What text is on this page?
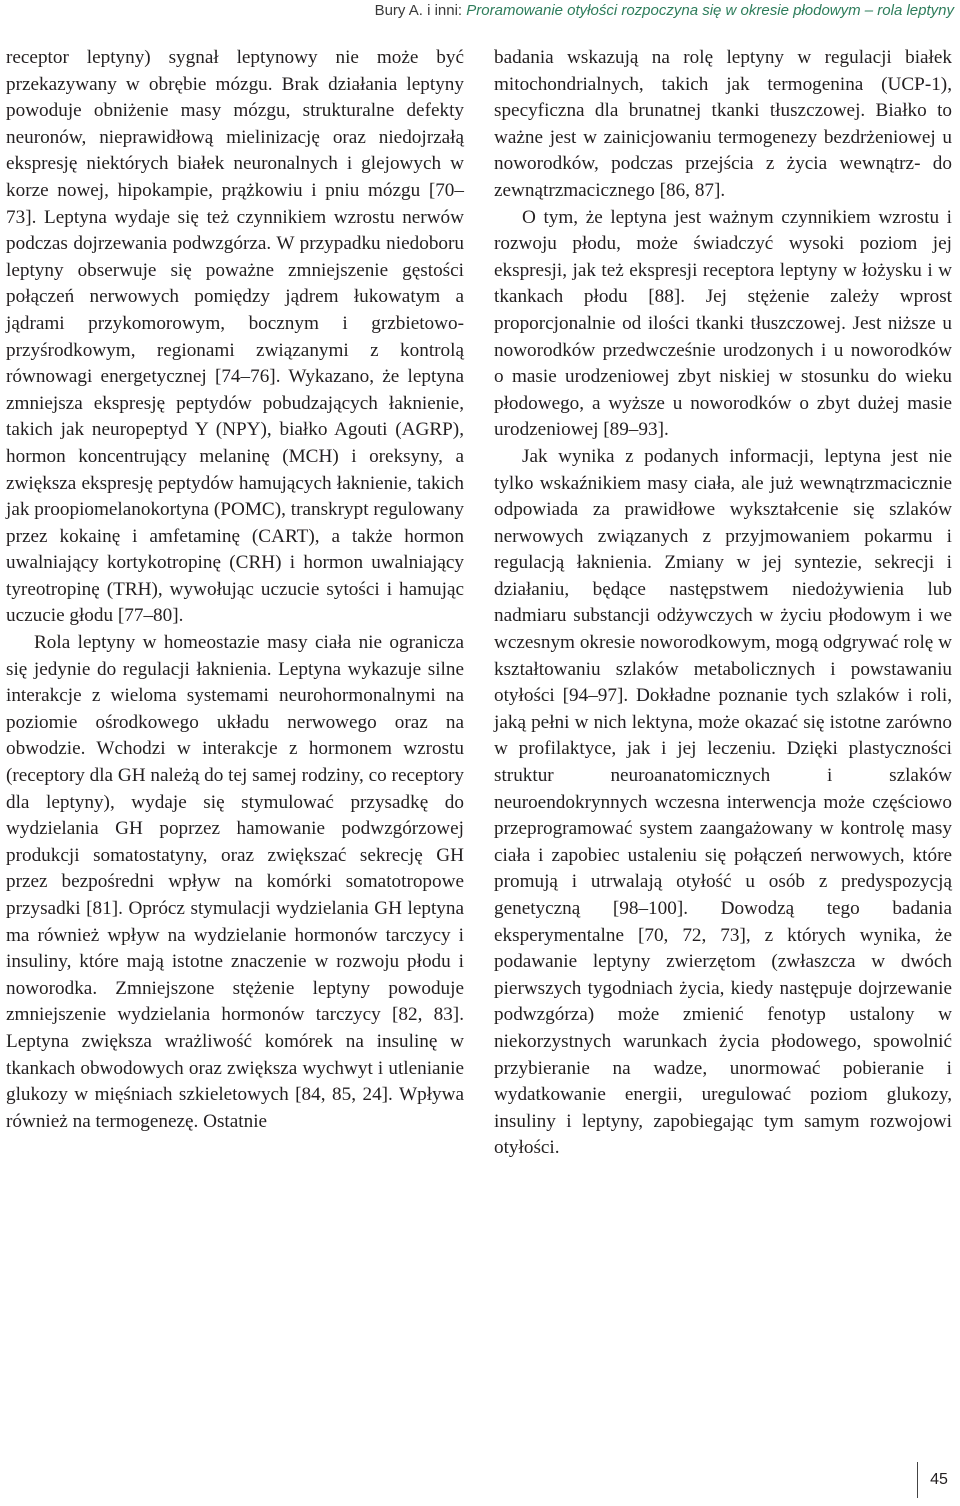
Bury A. i inni: Proramowanie otyłości rozpoczyna się w okresie płodowym – rola leptyny

receptor leptyny) sygnał leptynowy nie może być przekazywany w obrębie mózgu. Brak działania leptyny powoduje obniżenie masy mózgu, strukturalne defekty neuronów, nieprawidłową mielinizację oraz niedojrzałą ekspresję niektórych białek neuronalnych i glejowych w korze nowej, hipokampie, prążkowiu i pniu mózgu [70–73]. Leptyna wydaje się też czynnikiem wzrostu nerwów podczas dojrzewania podwzgórza. W przypadku niedoboru leptyny obserwuje się poważne zmniejszenie gęstości połączeń nerwowych pomiędzy jądrem łukowatym a jądrami przykomorowym, bocznym i grzbietowo-przyśrodkowym, regionami związanymi z kontrolą równowagi energetycznej [74–76]. Wykazano, że leptyna zmniejsza ekspresję peptydów pobudzających łaknienie, takich jak neuropeptyd Y (NPY), białko Agouti (AGRP), hormon koncentrujący melaninę (MCH) i oreksyny, a zwiększa ekspresję peptydów hamujących łaknienie, takich jak proopiomelanokortyna (POMC), transkrypt regulowany przez kokainę i amfetaminę (CART), a także hormon uwalniający kortykotropinę (CRH) i hormon uwalniający tyreotropinę (TRH), wywołując uczucie sytości i hamując uczucie głodu [77–80].

Rola leptyny w homeostazie masy ciała nie ogranicza się jedynie do regulacji łaknienia. Leptyna wykazuje silne interakcje z wieloma systemami neurohormonalnymi na poziomie ośrodkowego układu nerwowego oraz na obwodzie. Wchodzi w interakcje z hormonem wzrostu (receptory dla GH należą do tej samej rodziny, co receptory dla leptyny), wydaje się stymulować przysadkę do wydzielania GH poprzez hamowanie podwzgórzowej produkcji somatostatyny, oraz zwiększać sekrecję GH przez bezpośredni wpływ na komórki somatotropowe przysadki [81]. Oprócz stymulacji wydzielania GH leptyna ma również wpływ na wydzielanie hormonów tarczycy i insuliny, które mają istotne znaczenie w rozwoju płodu i noworodka. Zmniejszone stężenie leptyny powoduje zmniejszenie wydzielania hormonów tarczycy [82, 83]. Leptyna zwiększa wrażliwość komórek na insulinę w tkankach obwodowych oraz zwiększa wychwyt i utlenianie glukozy w mięśniach szkieletowych [84, 85, 24]. Wpływa również na termogenezę. Ostatnie

badania wskazują na rolę leptyny w regulacji białek mitochondrialnych, takich jak termogenina (UCP-1), specyficzna dla brunatnej tkanki tłuszczowej. Białko to ważne jest w zainicjowaniu termogenezy bezdrżeniowej u noworodków, podczas przejścia z życia wewnątrz- do zewnątrzmacicznego [86, 87].

O tym, że leptyna jest ważnym czynnikiem wzrostu i rozwoju płodu, może świadczyć wysoki poziom jej ekspresji, jak też ekspresji receptora leptyny w łożysku i w tkankach płodu [88]. Jej stężenie zależy wprost proporcjonalnie od ilości tkanki tłuszczowej. Jest niższe u noworodków przedwcześnie urodzonych i u noworodków o masie urodzeniowej zbyt niskiej w stosunku do wieku płodowego, a wyższe u noworodków o zbyt dużej masie urodzeniowej [89–93].

Jak wynika z podanych informacji, leptyna jest nie tylko wskaźnikiem masy ciała, ale już wewnątrzmacicznie odpowiada za prawidłowe wykształcenie się szlaków nerwowych związanych z przyjmowaniem pokarmu i regulacją łaknienia. Zmiany w jej syntezie, sekrecji i działaniu, będące następstwem niedożywienia lub nadmiaru substancji odżywczych w życiu płodowym i we wczesnym okresie noworodkowym, mogą odgrywać rolę w kształtowaniu szlaków metabolicznych i powstawaniu otyłości [94–97]. Dokładne poznanie tych szlaków i roli, jaką pełni w nich lektyna, może okazać się istotne zarówno w profilaktyce, jak i jej leczeniu. Dzięki plastyczności struktur neuroanatomicznych i szlaków neuroendokrynnych wczesna interwencja może częściowo przeprogramować system zaangażowany w kontrolę masy ciała i zapobiec ustaleniu się połączeń nerwowych, które promują i utrwalają otyłość u osób z predyspozycją genetyczną [98–100]. Dowodzą tego badania eksperymentalne [70, 72, 73], z których wynika, że podawanie leptyny zwierzętom (zwłaszcza w dwóch pierwszych tygodniach życia, kiedy następuje dojrzewanie podwzgórza) może zmienić fenotyp ustalony w niekorzystnych warunkach życia płodowego, spowolnić przybieranie na wadze, unormować pobieranie i wydatkowanie energii, uregulować poziom glukozy, insuliny i leptyny, zapobiegając tym samym rozwojowi otyłości.

45
